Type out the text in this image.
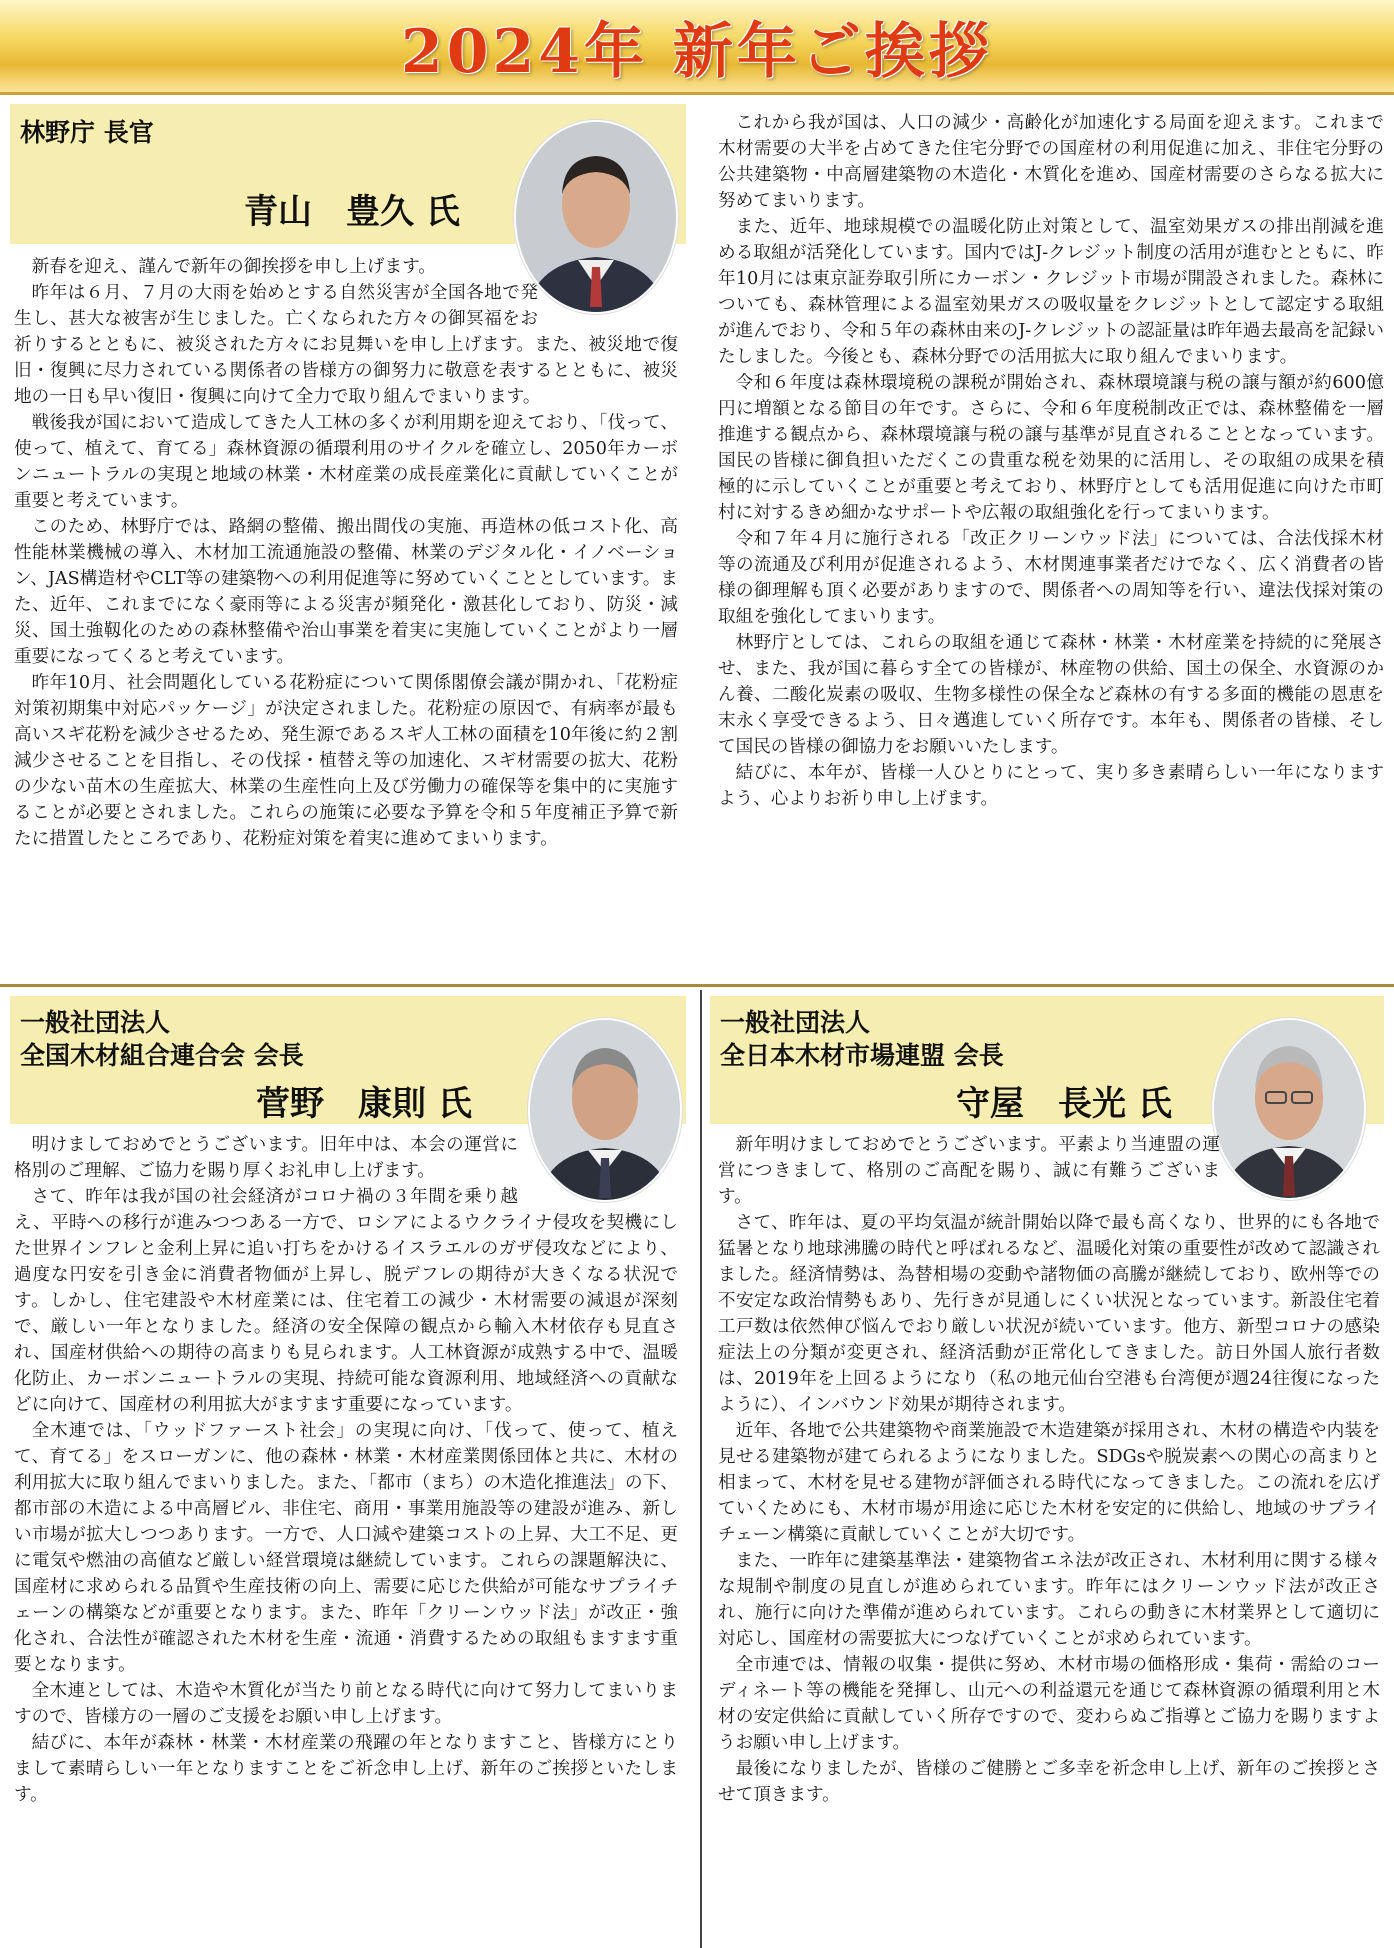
2024年 新年ご挨拶
林野庁 長官
青山　豊久 氏

新春を迎え、謹んで新年の御挨拶を申し上げます。

昨年は６月、７月の大雨を始めとする自然災害が全国各地で発生し、甚大な被害が生じました。亡くなられた方々の御冥福をお祈りするとともに、被災された方々にお見舞いを申し上げます。また、被災地で復旧・復興に尽力されている関係者の皆様方の御努力に敬意を表するとともに、被災地の一日も早い復旧・復興に向けて全力で取り組んでまいります。

戦後我が国において造成してきた人工林の多くが利用期を迎えており、「伐って、使って、植えて、育てる」森林資源の循環利用のサイクルを確立し、2050年カーボンニュートラルの実現と地域の林業・木材産業の成長産業化に貢献していくことが重要と考えています。

このため、林野庁では、路網の整備、搬出間伐の実施、再造林の低コスト化、高性能林業機械の導入、木材加工流通施設の整備、林業のデジタル化・イノベーション、JAS構造材やCLT等の建築物への利用促進等に努めていくこととしています。また、近年、これまでになく豪雨等による災害が頻発化・激甚化しており、防災・減災、国土強靱化のための森林整備や治山事業を着実に実施していくことがより一層重要になってくると考えています。

昨年10月、社会問題化している花粉症について関係閣僚会議が開かれ、「花粉症対策初期集中対応パッケージ」が決定されました。花粉症の原因で、有病率が最も高いスギ花粉を減少させるため、発生源であるスギ人工林の面積を10年後に約２割減少させることを目指し、その伐採・植替え等の加速化、スギ材需要の拡大、花粉の少ない苗木の生産拡大、林業の生産性向上及び労働力の確保等を集中的に実施することが必要とされました。これらの施策に必要な予算を令和５年度補正予算で新たに措置したところであり、花粉症対策を着実に進めてまいります。

これから我が国は、人口の減少・高齢化が加速化する局面を迎えます。これまで木材需要の大半を占めてきた住宅分野での国産材の利用促進に加え、非住宅分野の公共建築物・中高層建築物の木造化・木質化を進め、国産材需要のさらなる拡大に努めてまいります。

また、近年、地球規模での温暖化防止対策として、温室効果ガスの排出削減を進める取組が活発化しています。国内ではJ-クレジット制度の活用が進むとともに、昨年10月には東京証券取引所にカーボン・クレジット市場が開設されました。森林についても、森林管理による温室効果ガスの吸収量をクレジットとして認定する取組が進んでおり、令和５年の森林由来のJ-クレジットの認証量は昨年過去最高を記録いたしました。今後とも、森林分野での活用拡大に取り組んでまいります。

令和６年度は森林環境税の課税が開始され、森林環境譲与税の譲与額が約600億円に増額となる節目の年です。さらに、令和６年度税制改正では、森林整備を一層推進する観点から、森林環境譲与税の譲与基準が見直されることとなっています。国民の皆様に御負担いただくこの貴重な税を効果的に活用し、その取組の成果を積極的に示していくことが重要と考えており、林野庁としても活用促進に向けた市町村に対するきめ細かなサポートや広報の取組強化を行ってまいります。

令和７年４月に施行される「改正クリーンウッド法」については、合法伐採木材等の流通及び利用が促進されるよう、木材関連事業者だけでなく、広く消費者の皆様の御理解も頂く必要がありますので、関係者への周知等を行い、違法伐採対策の取組を強化してまいります。

林野庁としては、これらの取組を通じて森林・林業・木材産業を持続的に発展させ、また、我が国に暮らす全ての皆様が、林産物の供給、国土の保全、水資源のかん養、二酸化炭素の吸収、生物多様性の保全など森林の有する多面的機能の恩恵を末永く享受できるよう、日々邁進していく所存です。本年も、関係者の皆様、そして国民の皆様の御協力をお願いいたします。

結びに、本年が、皆様一人ひとりにとって、実り多き素晴らしい一年になりますよう、心よりお祈り申し上げます。

一般社団法人
全国木材組合連合会 会長
菅野　康則 氏

明けましておめでとうございます。旧年中は、本会の運営に格別のご理解、ご協力を賜り厚くお礼申し上げます。

さて、昨年は我が国の社会経済がコロナ禍の３年間を乗り越え、平時への移行が進みつつある一方で、ロシアによるウクライナ侵攻を契機にした世界インフレと金利上昇に追い打ちをかけるイスラエルのガザ侵攻などにより、過度な円安を引き金に消費者物価が上昇し、脱デフレの期待が大きくなる状況です。しかし、住宅建設や木材産業には、住宅着工の減少・木材需要の減退が深刻で、厳しい一年となりました。経済の安全保障の観点から輸入木材依存も見直され、国産材供給への期待の高まりも見られます。人工林資源が成熟する中で、温暖化防止、カーボンニュートラルの実現、持続可能な資源利用、地域経済への貢献などに向けて、国産材の利用拡大がますます重要になっています。

全木連では、「ウッドファースト社会」の実現に向け、「伐って、使って、植えて、育てる」をスローガンに、他の森林・林業・木材産業関係団体と共に、木材の利用拡大に取り組んでまいりました。また、「都市（まち）の木造化推進法」の下、都市部の木造による中高層ビル、非住宅、商用・事業用施設等の建設が進み、新しい市場が拡大しつつあります。一方で、人口減や建築コストの上昇、大工不足、更に電気や燃油の高値など厳しい経営環境は継続しています。これらの課題解決に、国産材に求められる品質や生産技術の向上、需要に応じた供給が可能なサプライチェーンの構築などが重要となります。また、昨年「クリーンウッド法」が改正・強化され、合法性が確認された木材を生産・流通・消費するための取組もますます重要となります。

全木連としては、木造や木質化が当たり前となる時代に向けて努力してまいりますので、皆様方の一層のご支援をお願い申し上げます。

結びに、本年が森林・林業・木材産業の飛躍の年となりますこと、皆様方にとりまして素晴らしい一年となりますことをご祈念申し上げ、新年のご挨拶といたします。

一般社団法人
全日本木材市場連盟 会長
守屋　長光 氏

新年明けましておめでとうございます。平素より当連盟の運営につきまして、格別のご高配を賜り、誠に有難うございます。

さて、昨年は、夏の平均気温が統計開始以降で最も高くなり、世界的にも各地で猛暑となり地球沸騰の時代と呼ばれるなど、温暖化対策の重要性が改めて認識されました。経済情勢は、為替相場の変動や諸物価の高騰が継続しており、欧州等での不安定な政治情勢もあり、先行きが見通しにくい状況となっています。新設住宅着工戸数は依然伸び悩んでおり厳しい状況が続いています。他方、新型コロナの感染症法上の分類が変更され、経済活動が正常化してきました。訪日外国人旅行者数は、2019年を上回るようになり（私の地元仙台空港も台湾便が週24往復になったように）、インバウンド効果が期待されます。

近年、各地で公共建築物や商業施設で木造建築が採用され、木材の構造や内装を見せる建築物が建てられるようになりました。SDGsや脱炭素への関心の高まりと相まって、木材を見せる建物が評価される時代になってきました。この流れを広げていくためにも、木材市場が用途に応じた木材を安定的に供給し、地域のサプライチェーン構築に貢献していくことが大切です。

また、一昨年に建築基準法・建築物省エネ法が改正され、木材利用に関する様々な規制や制度の見直しが進められています。昨年にはクリーンウッド法が改正され、施行に向けた準備が進められています。これらの動きに木材業界として適切に対応し、国産材の需要拡大につなげていくことが求められています。

全市連では、情報の収集・提供に努め、木材市場の価格形成・集荷・需給のコーディネート等の機能を発揮し、山元への利益還元を通じて森林資源の循環利用と木材の安定供給に貢献していく所存ですので、変わらぬご指導とご協力を賜りますようお願い申し上げます。

最後になりましたが、皆様のご健勝とご多幸を祈念申し上げ、新年のご挨拶とさせて頂きます。
